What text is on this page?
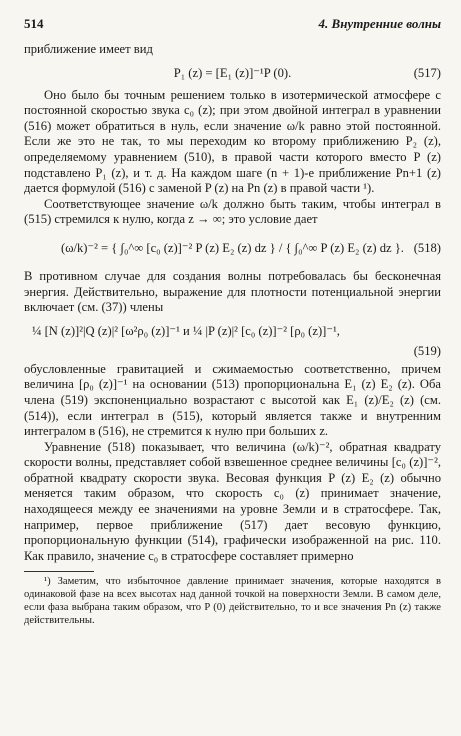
514	4. Внутренние волны

приближение имеет вид

P₁ (z) = [E₁ (z)]⁻¹P (0).	(517)

Оно было бы точным решением только в изотермической атмосфере с постоянной скоростью звука c₀ (z); при этом двойной интеграл в уравнении (516) может обратиться в нуль, если значение ω/k равно этой постоянной. Если же это не так, то мы переходим ко второму приближению P₂ (z), определяемому уравнением (510), в правой части которого вместо P (z) подставлено P₁ (z), и т. д. На каждом шаге (n + 1)-е приближение Pn+1 (z) дается формулой (516) с заменой P (z) на Pn (z) в правой части ¹).

Соответствующее значение ω/k должно быть таким, чтобы интеграл в (515) стремился к нулю, когда z → ∞; это условие дает

(ω/k)⁻² = { ∫₀^∞ [c₀ (z)]⁻² P (z) E₂ (z) dz } / { ∫₀^∞ P (z) E₂ (z) dz }. (518)

В противном случае для создания волны потребовалась бы бесконечная энергия. Действительно, выражение для плотности потенциальной энергии включает (см. (37)) члены

¼ [N (z)]²|Q (z)|² [ω²ρ₀ (z)]⁻¹ и ¼ |P (z)|² [c₀ (z)]⁻² [ρ₀ (z)]⁻¹,
(519)

обусловленные гравитацией и сжимаемостью соответственно, причем величина [ρ₀ (z)]⁻¹ на основании (513) пропорциональна E₁ (z) E₂ (z). Оба члена (519) экспоненциально возрастают с высотой как E₁ (z)/E₂ (z) (см. (514)), если интеграл в (515), который является также и внутренним интегралом в (516), не стремится к нулю при больших z.

Уравнение (518) показывает, что величина (ω/k)⁻², обратная квадрату скорости волны, представляет собой взвешенное среднее величины [c₀ (z)]⁻², обратной квадрату скорости звука. Весовая функция P (z) E₂ (z) обычно меняется таким образом, что скорость c₀ (z) принимает значение, находящееся между ее значениями на уровне Земли и в стратосфере. Так, например, первое приближение (517) дает весовую функцию, пропорциональную функции (514), графически изображенной на рис. 110. Как правило, значение c₀ в стратосфере составляет примерно

¹) Заметим, что избыточное давление принимает значения, которые находятся в одинаковой фазе на всех высотах над данной точкой на поверхности Земли. В самом деле, если фаза выбрана таким образом, что P (0) действительно, то и все значения Pn (z) также действительны.
